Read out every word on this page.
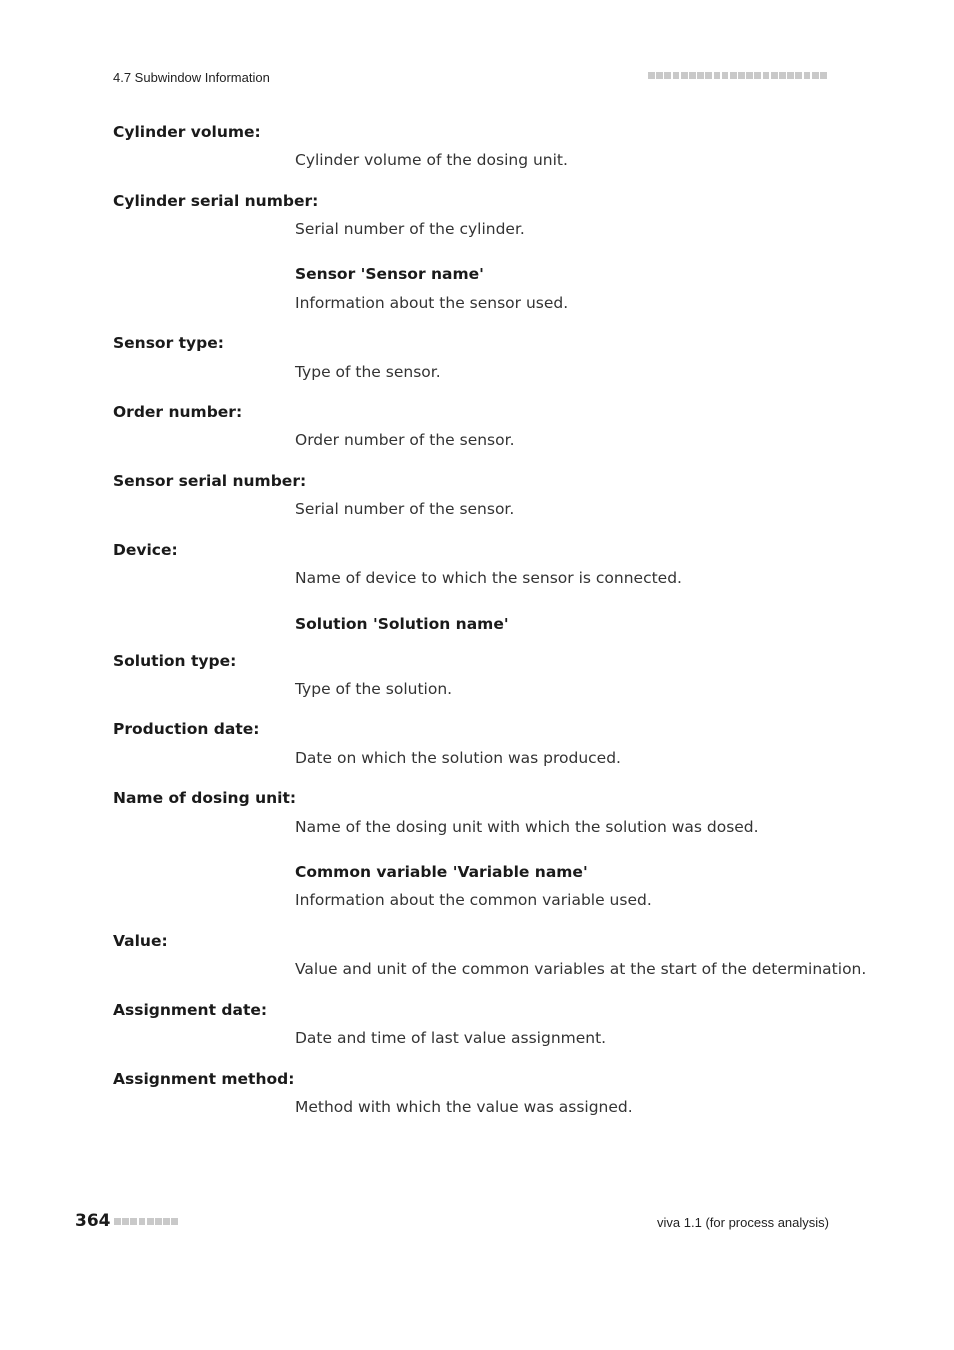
4.7 Subwindow Information
Cylinder volume:
Cylinder volume of the dosing unit.
Cylinder serial number:
Serial number of the cylinder.
Sensor 'Sensor name'
Information about the sensor used.
Sensor type:
Type of the sensor.
Order number:
Order number of the sensor.
Sensor serial number:
Serial number of the sensor.
Device:
Name of device to which the sensor is connected.
Solution 'Solution name'
Solution type:
Type of the solution.
Production date:
Date on which the solution was produced.
Name of dosing unit:
Name of the dosing unit with which the solution was dosed.
Common variable 'Variable name'
Information about the common variable used.
Value:
Value and unit of the common variables at the start of the determination.
Assignment date:
Date and time of last value assignment.
Assignment method:
Method with which the value was assigned.
364	viva 1.1 (for process analysis)
